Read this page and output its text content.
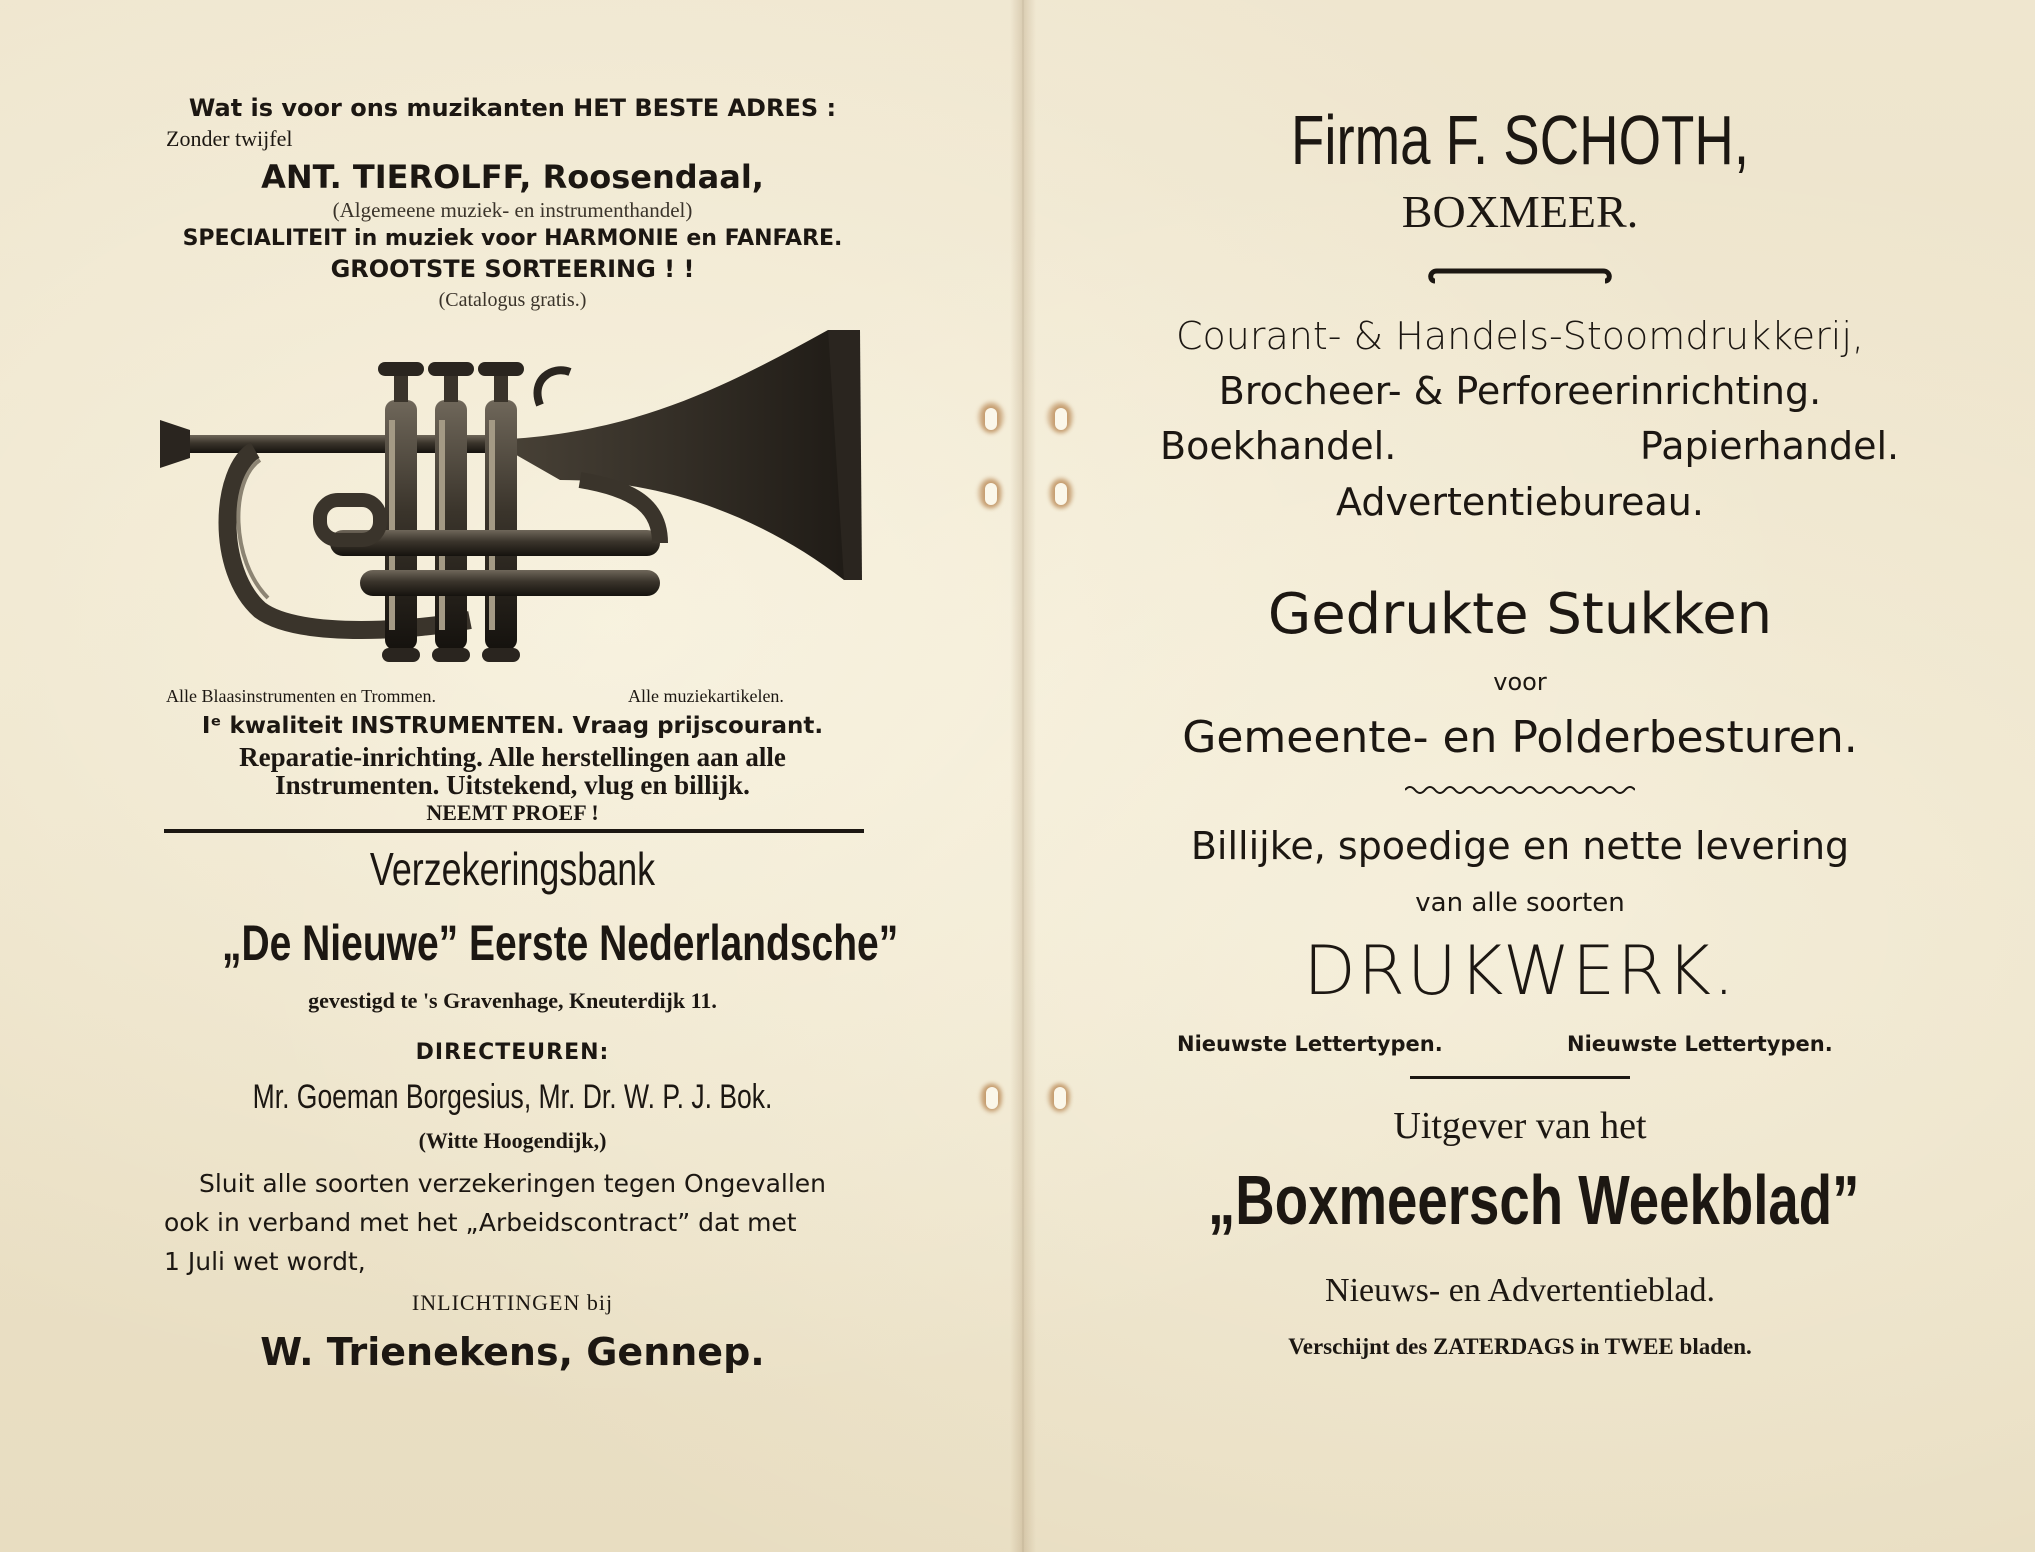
Wat is voor ons muzikanten HET BESTE ADRES :
Zonder twijfel
ANT. TIEROLFF, Roosendaal,
(Algemeene muziek- en instrumenthandel)
SPECIALITEIT in muziek voor HARMONIE en FANFARE.
GROOTSTE SORTEERING ! !
(Catalogus gratis.)
Alle Blaasinstrumenten en Trommen.	Alle muziekartikelen.
Iᵉ kwaliteit INSTRUMENTEN. Vraag prijscourant.
Reparatie-inrichting. Alle herstellingen aan alle
Instrumenten. Uitstekend, vlug en billijk.
NEEMT PROEF !
Verzekeringsbank
„De Nieuwe” Eerste Nederlandsche”
gevestigd te 's Gravenhage, Kneuterdijk 11.
DIRECTEUREN:
Mr. Goeman Borgesius, Mr. Dr. W. P. J. Bok.
(Witte Hoogendijk,)
Sluit alle soorten verzekeringen tegen Ongevallen
ook in verband met het „Arbeidscontract” dat met
1 Juli wet wordt,
INLICHTINGEN bij
W. Trienekens, Gennep.
Firma F. SCHOTH,
BOXMEER.
Courant- & Handels-Stoomdrukkerij,
Brocheer- & Perforeerinrichting.
Boekhandel.	Papierhandel.
Advertentiebureau.
Gedrukte Stukken
voor
Gemeente- en Polderbesturen.
Billijke, spoedige en nette levering
van alle soorten
DRUKWERK.
Nieuwste Lettertypen.	Nieuwste Lettertypen.
Uitgever van het
„Boxmeersch Weekblad”
Nieuws- en Advertentieblad.
Verschijnt des ZATERDAGS in TWEE bladen.
